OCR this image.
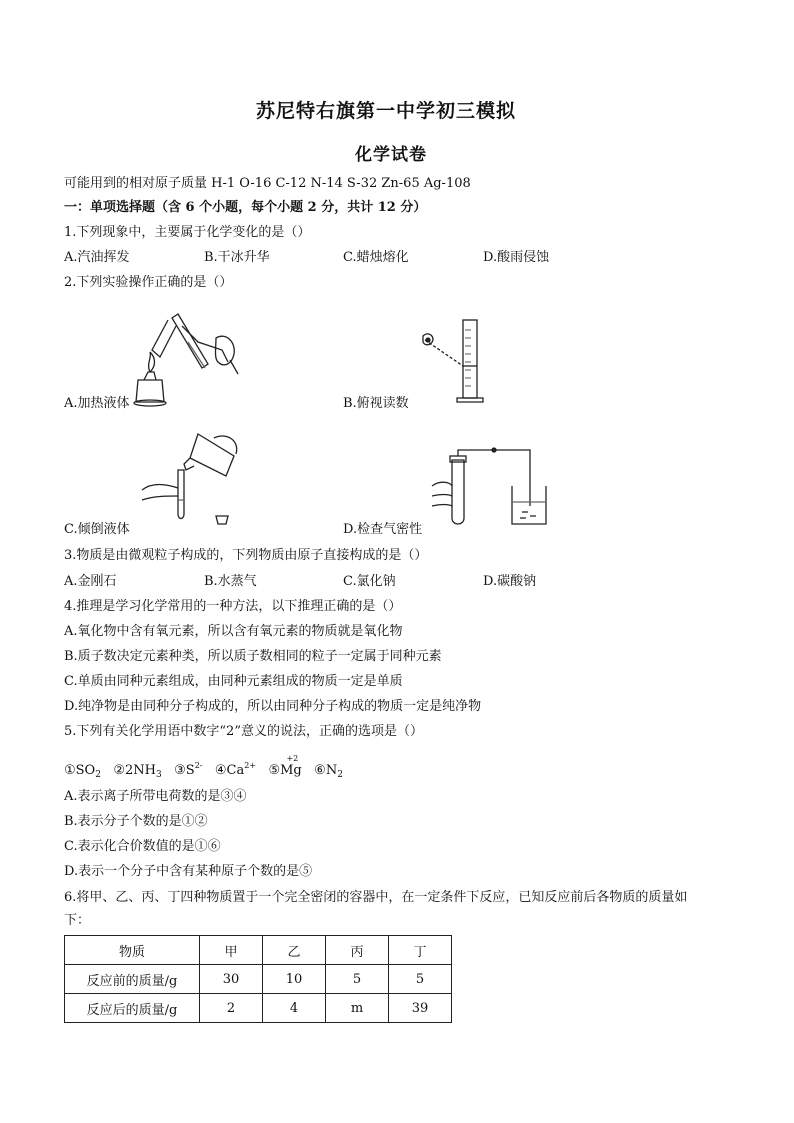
苏尼特右旗第一中学初三模拟
化学试卷
可能用到的相对原子质量 H-1 O-16 C-12 N-14 S-32 Zn-65 Ag-108
一：单项选择题（含 6 个小题，每个小题 2 分，共计 12 分）
1.下列现象中，主要属于化学变化的是（）
A.汽油挥发	B.干冰升华	C.蜡烛熔化	D.酸雨侵蚀
2.下列实验操作正确的是（）
A.加热液体	B.俯视读数
C.倾倒液体	D.检查气密性
3.物质是由微观粒子构成的，下列物质由原子直接构成的是（）
A.金刚石	B.水蒸气	C.氯化钠	D.碳酸钠
4.推理是学习化学常用的一种方法，以下推理正确的是（）
A.氧化物中含有氧元素，所以含有氧元素的物质就是氧化物
B.质子数决定元素种类，所以质子数相同的粒子一定属于同种元素
C.单质由同种元素组成，由同种元素组成的物质一定是单质
D.纯净物是由同种分子构成的，所以由同种分子构成的物质一定是纯净物
5.下列有关化学用语中数字“2”意义的说法，正确的选项是（）
$①SO_2$ $②2NH_3$ $③S^{2-}$ $④Ca^{2+}$
+2
⑤Mg $⑥N_2$
A.表示离子所带电荷数的是③④
B.表示分子个数的是①②
C.表示化合价数值的是①⑥
D.表示一个分子中含有某种原子个数的是⑤
6.将甲、乙、丙、丁四种物质置于一个完全密闭的容器中，在一定条件下反应，已知反应前后各物质的质量如
下：
物质	甲	乙	丙	丁
反应前的质量/g	30	10	5	5
反应后的质量/g	2	4	m	39
